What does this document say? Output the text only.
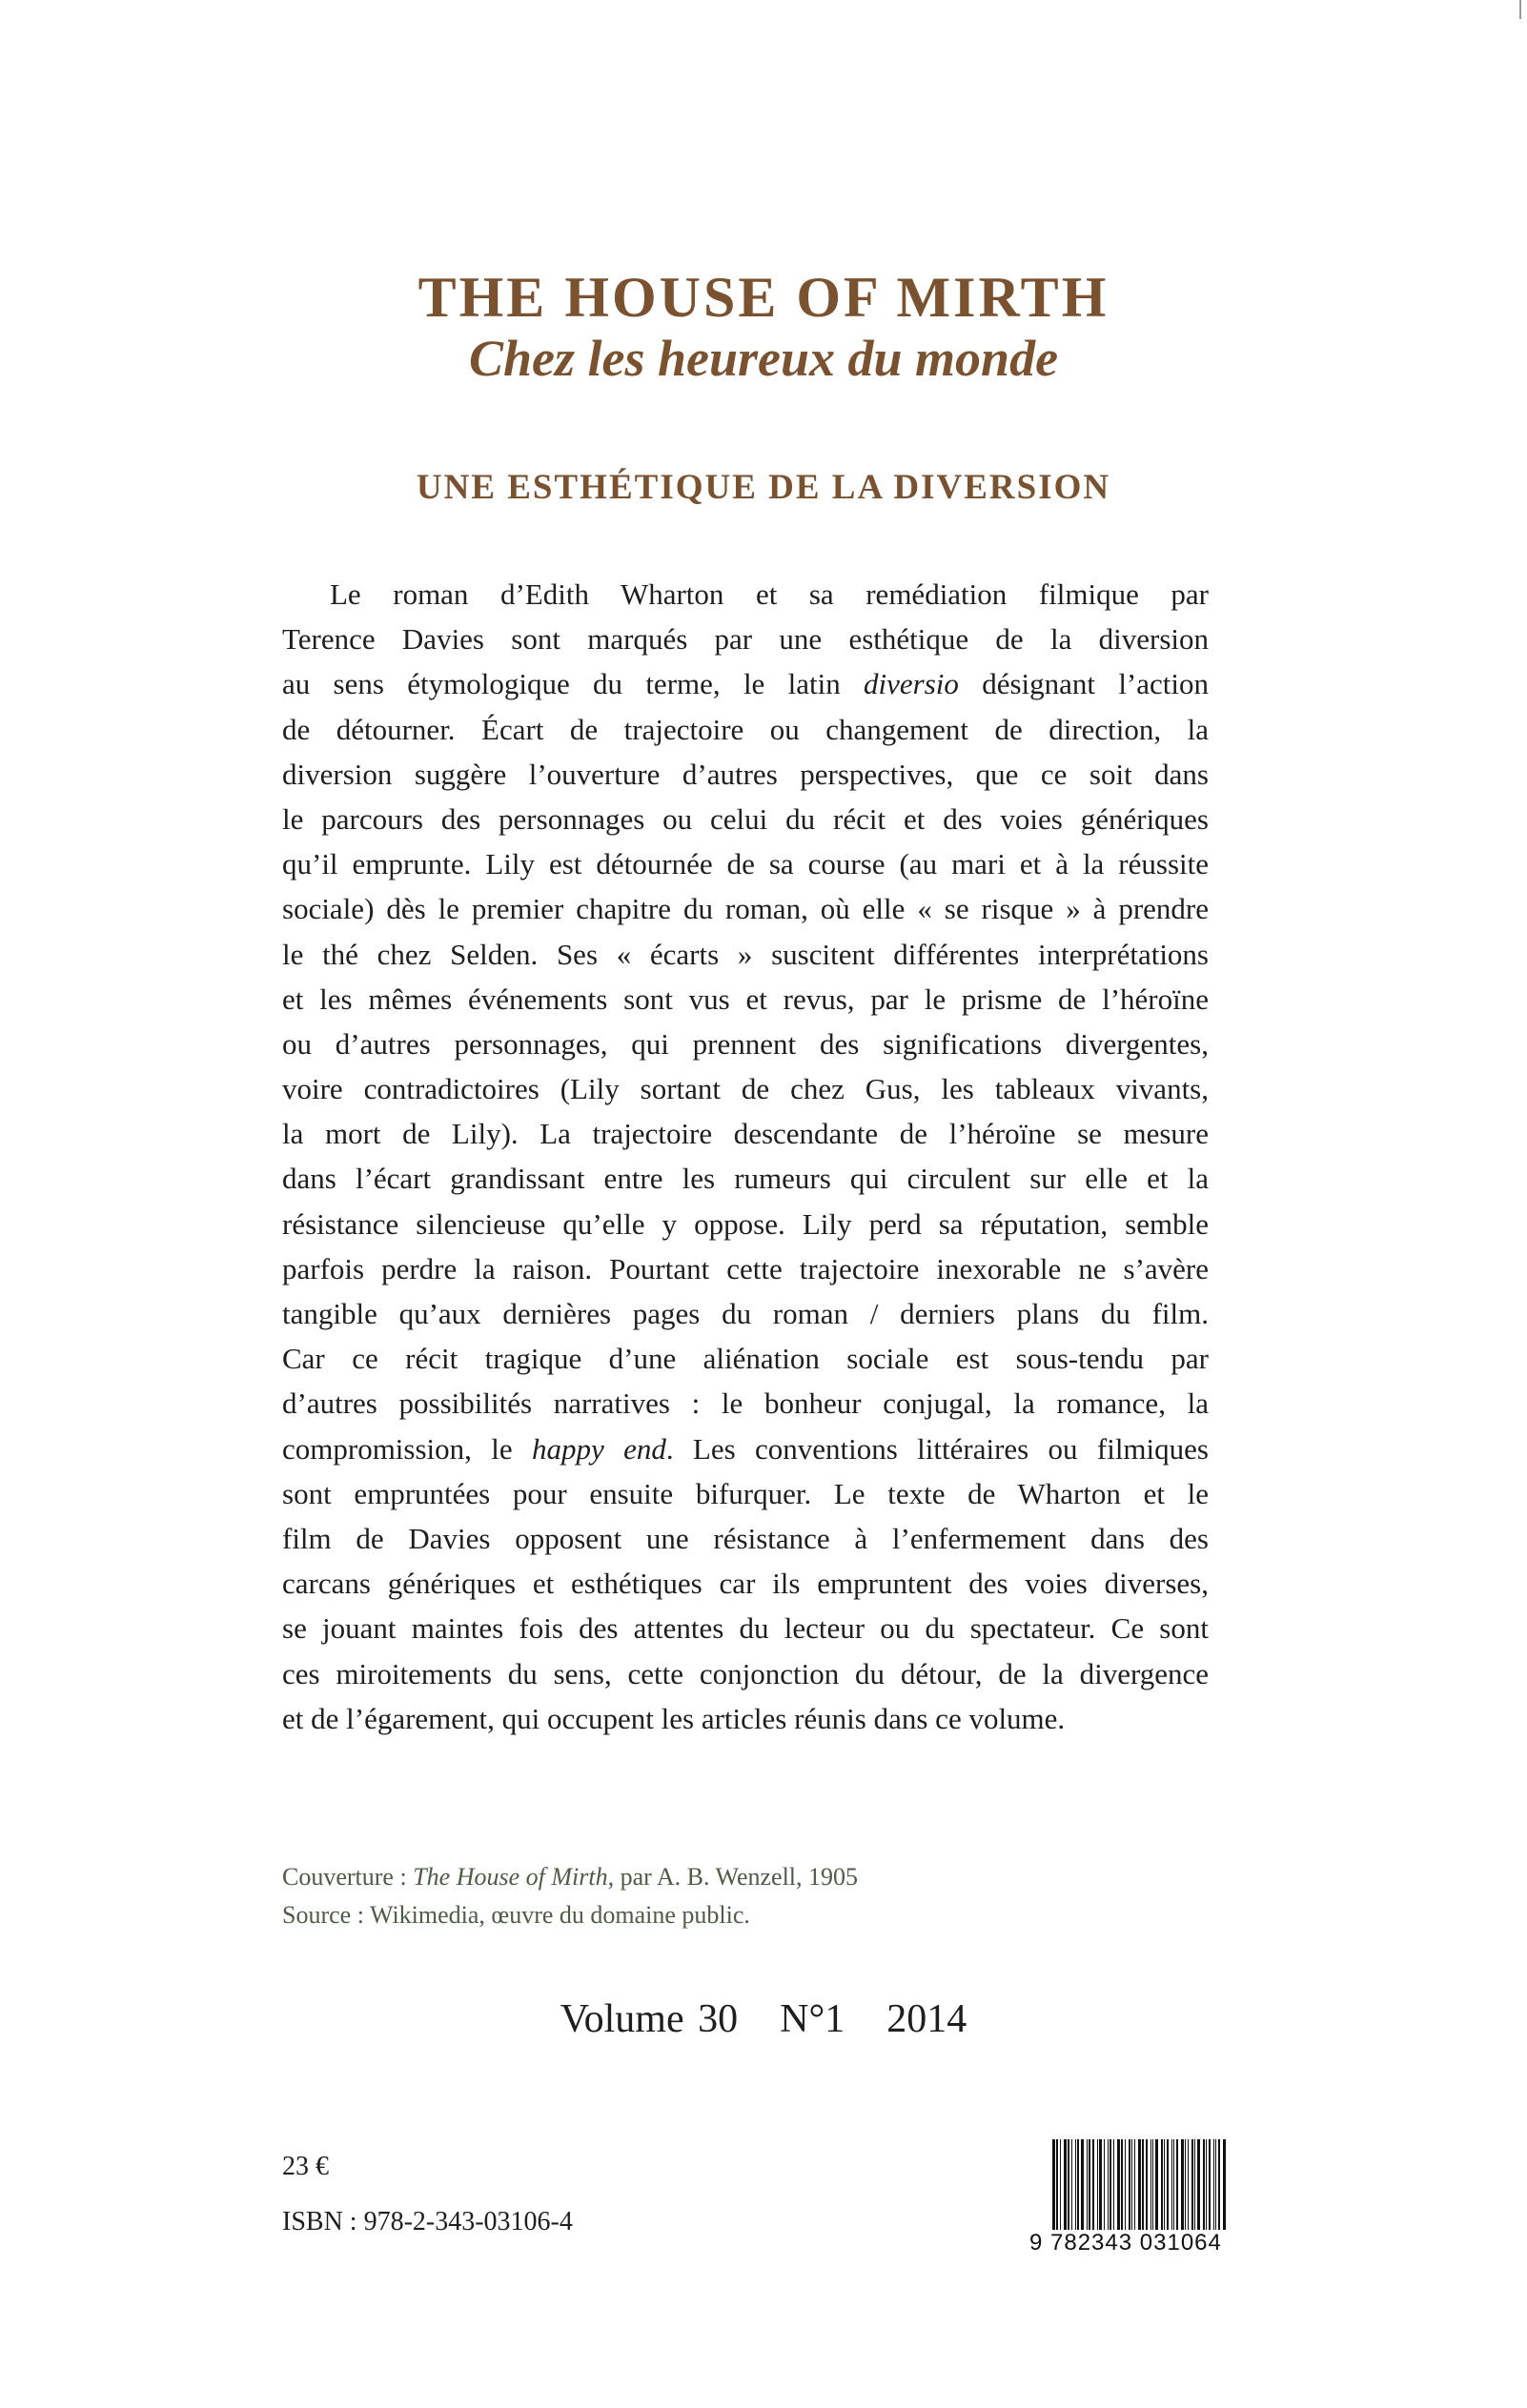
THE HOUSE OF MIRTH
Chez les heureux du monde
UNE ESTHÉTIQUE DE LA DIVERSION
Le roman d’Edith Wharton et sa remédiation filmique par
Terence Davies sont marqués par une esthétique de la diversion
au sens étymologique du terme, le latin diversio désignant l’action
de détourner. Écart de trajectoire ou changement de direction, la
diversion suggère l’ouverture d’autres perspectives, que ce soit dans
le parcours des personnages ou celui du récit et des voies génériques
qu’il emprunte. Lily est détournée de sa course (au mari et à la réussite
sociale) dès le premier chapitre du roman, où elle « se risque » à prendre
le thé chez Selden. Ses « écarts » suscitent différentes interprétations
et les mêmes événements sont vus et revus, par le prisme de l’héroïne
ou d’autres personnages, qui prennent des significations divergentes,
voire contradictoires (Lily sortant de chez Gus, les tableaux vivants,
la mort de Lily). La trajectoire descendante de l’héroïne se mesure
dans l’écart grandissant entre les rumeurs qui circulent sur elle et la
résistance silencieuse qu’elle y oppose. Lily perd sa réputation, semble
parfois perdre la raison. Pourtant cette trajectoire inexorable ne s’avère
tangible qu’aux dernières pages du roman / derniers plans du film.
Car ce récit tragique d’une aliénation sociale est sous-tendu par
d’autres possibilités narratives : le bonheur conjugal, la romance, la
compromission, le happy end. Les conventions littéraires ou filmiques
sont empruntées pour ensuite bifurquer. Le texte de Wharton et le
film de Davies opposent une résistance à l’enfermement dans des
carcans génériques et esthétiques car ils empruntent des voies diverses,
se jouant maintes fois des attentes du lecteur ou du spectateur. Ce sont
ces miroitements du sens, cette conjonction du détour, de la divergence
et de l’égarement, qui occupent les articles réunis dans ce volume.
Couverture : The House of Mirth, par A. B. Wenzell, 1905
Source : Wikimedia, œuvre du domaine public.
Volume 30 N°1 2014
23 €
ISBN : 978-2-343-03106-4
9 782343 031064
